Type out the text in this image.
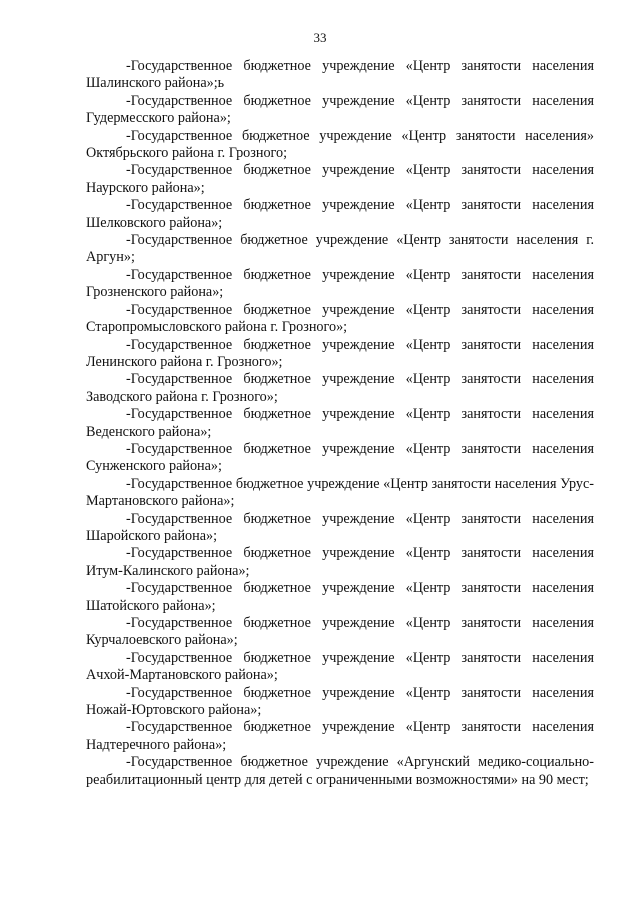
33

-Государственное бюджетное учреждение «Центр занятости населения Шалинского района»;ь

-Государственное бюджетное учреждение «Центр занятости населения Гудермесского района»;

-Государственное бюджетное учреждение «Центр занятости населения» Октябрьского района г. Грозного;

-Государственное бюджетное учреждение «Центр занятости населения Наурского района»;

-Государственное бюджетное учреждение «Центр занятости населения Шелковского района»;

-Государственное бюджетное учреждение «Центр занятости населения г. Аргун»;

-Государственное бюджетное учреждение «Центр занятости населения Грозненского района»;

-Государственное бюджетное учреждение «Центр занятости населения Старопромысловского района г. Грозного»;

-Государственное бюджетное учреждение «Центр занятости населения Ленинского района г. Грозного»;

-Государственное бюджетное учреждение «Центр занятости населения Заводского района г. Грозного»;

-Государственное бюджетное учреждение «Центр занятости населения Веденского района»;

-Государственное бюджетное учреждение «Центр занятости населения Сунженского района»;

-Государственное бюджетное учреждение «Центр занятости населения Урус-Мартановского района»;

-Государственное бюджетное учреждение «Центр занятости населения Шаройского района»;

-Государственное бюджетное учреждение «Центр занятости населения Итум-Калинского района»;

-Государственное бюджетное учреждение «Центр занятости населения Шатойского района»;

-Государственное бюджетное учреждение «Центр занятости населения Курчалоевского района»;

-Государственное бюджетное учреждение «Центр занятости населения Ачхой-Мартановского района»;

-Государственное бюджетное учреждение «Центр занятости населения Ножай-Юртовского района»;

-Государственное бюджетное учреждение «Центр занятости населения Надтеречного района»;

-Государственное бюджетное учреждение «Аргунский медико-социально-реабилитационный центр для детей с ограниченными возможностями» на 90 мест;
